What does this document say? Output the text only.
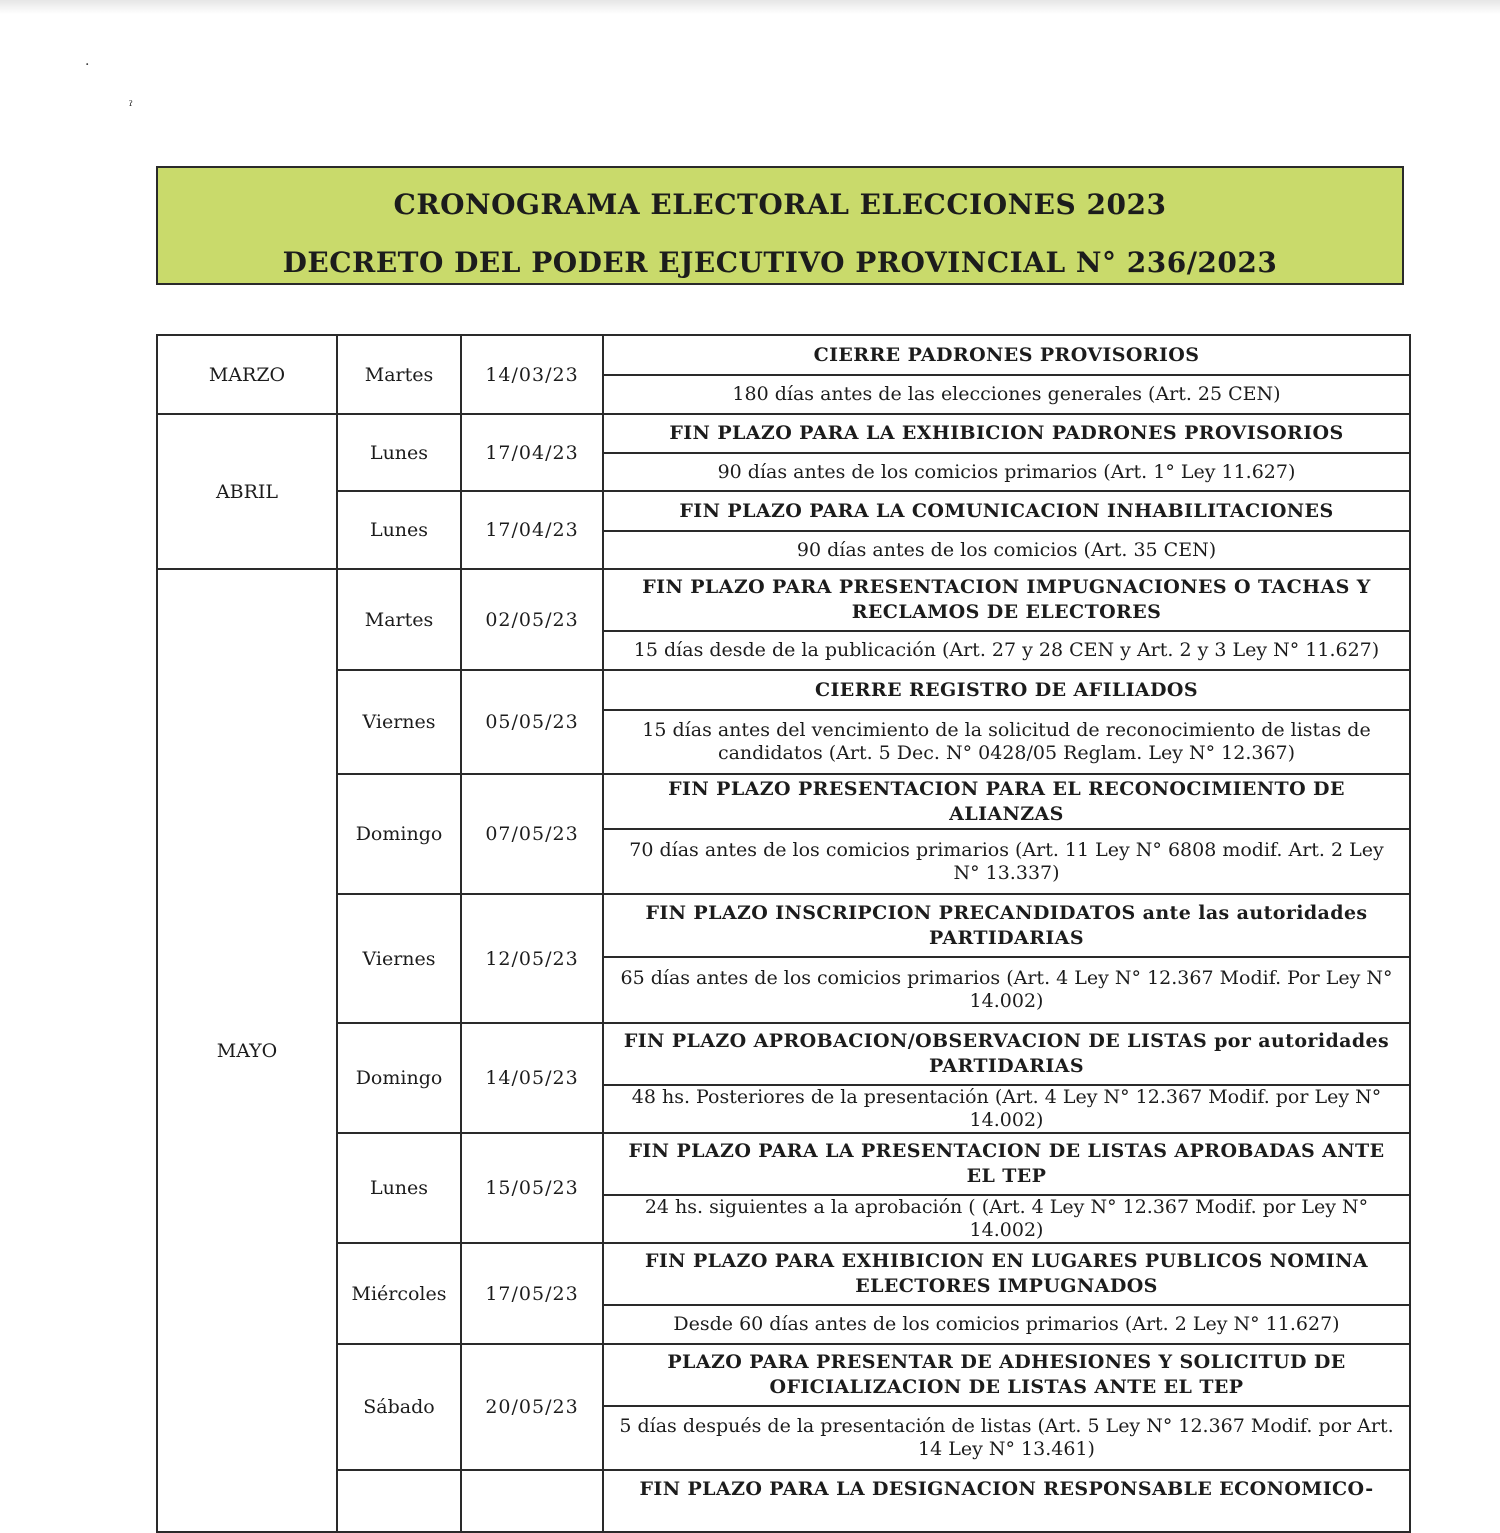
·
ˀ
CRONOGRAMA ELECTORAL ELECCIONES 2023
DECRETO DEL PODER EJECUTIVO PROVINCIAL N° 236/2023
MARZO	Martes	14/03/23	CIERRE PADRONES PROVISORIOS
			180 días antes de las elecciones generales (Art. 25 CEN)
ABRIL	Lunes	17/04/23	FIN PLAZO PARA LA EXHIBICION PADRONES PROVISORIOS
			90 días antes de los comicios primarios (Art. 1° Ley 11.627)
	Lunes	17/04/23	FIN PLAZO PARA LA COMUNICACION INHABILITACIONES
			90 días antes de los comicios (Art. 35 CEN)
MAYO	Martes	02/05/23	FIN PLAZO PARA PRESENTACION IMPUGNACIONES O TACHAS Y RECLAMOS DE ELECTORES
			15 días desde de la publicación (Art. 27 y 28 CEN y Art. 2 y 3 Ley N° 11.627)
	Viernes	05/05/23	CIERRE REGISTRO DE AFILIADOS
			15 días antes del vencimiento de la solicitud de reconocimiento de listas de candidatos (Art. 5 Dec. N° 0428/05 Reglam. Ley N° 12.367)
	Domingo	07/05/23	FIN PLAZO PRESENTACION PARA EL RECONOCIMIENTO DE ALIANZAS
			70 días antes de los comicios primarios (Art. 11 Ley N° 6808 modif. Art. 2 Ley N° 13.337)
	Viernes	12/05/23	FIN PLAZO INSCRIPCION PRECANDIDATOS ante las autoridades PARTIDARIAS
			65 días antes de los comicios primarios (Art. 4 Ley N° 12.367 Modif. Por Ley N° 14.002)
	Domingo	14/05/23	FIN PLAZO APROBACION/OBSERVACION DE LISTAS por autoridades PARTIDARIAS
			48 hs. Posteriores de la presentación (Art. 4 Ley N° 12.367 Modif. por Ley N° 14.002)
	Lunes	15/05/23	FIN PLAZO PARA LA PRESENTACION DE LISTAS APROBADAS ANTE EL TEP
			24 hs. siguientes a la aprobación ( (Art. 4 Ley N° 12.367 Modif. por Ley N° 14.002)
	Miércoles	17/05/23	FIN PLAZO PARA EXHIBICION EN LUGARES PUBLICOS NOMINA ELECTORES IMPUGNADOS
			Desde 60 días antes de los comicios primarios (Art. 2 Ley N° 11.627)
	Sábado	20/05/23	PLAZO PARA PRESENTAR DE ADHESIONES Y SOLICITUD DE OFICIALIZACION DE LISTAS ANTE EL TEP
			5 días después de la presentación de listas (Art. 5 Ley N° 12.367 Modif. por Art. 14 Ley N° 13.461)
			FIN PLAZO PARA LA DESIGNACION RESPONSABLE ECONOMICO-
